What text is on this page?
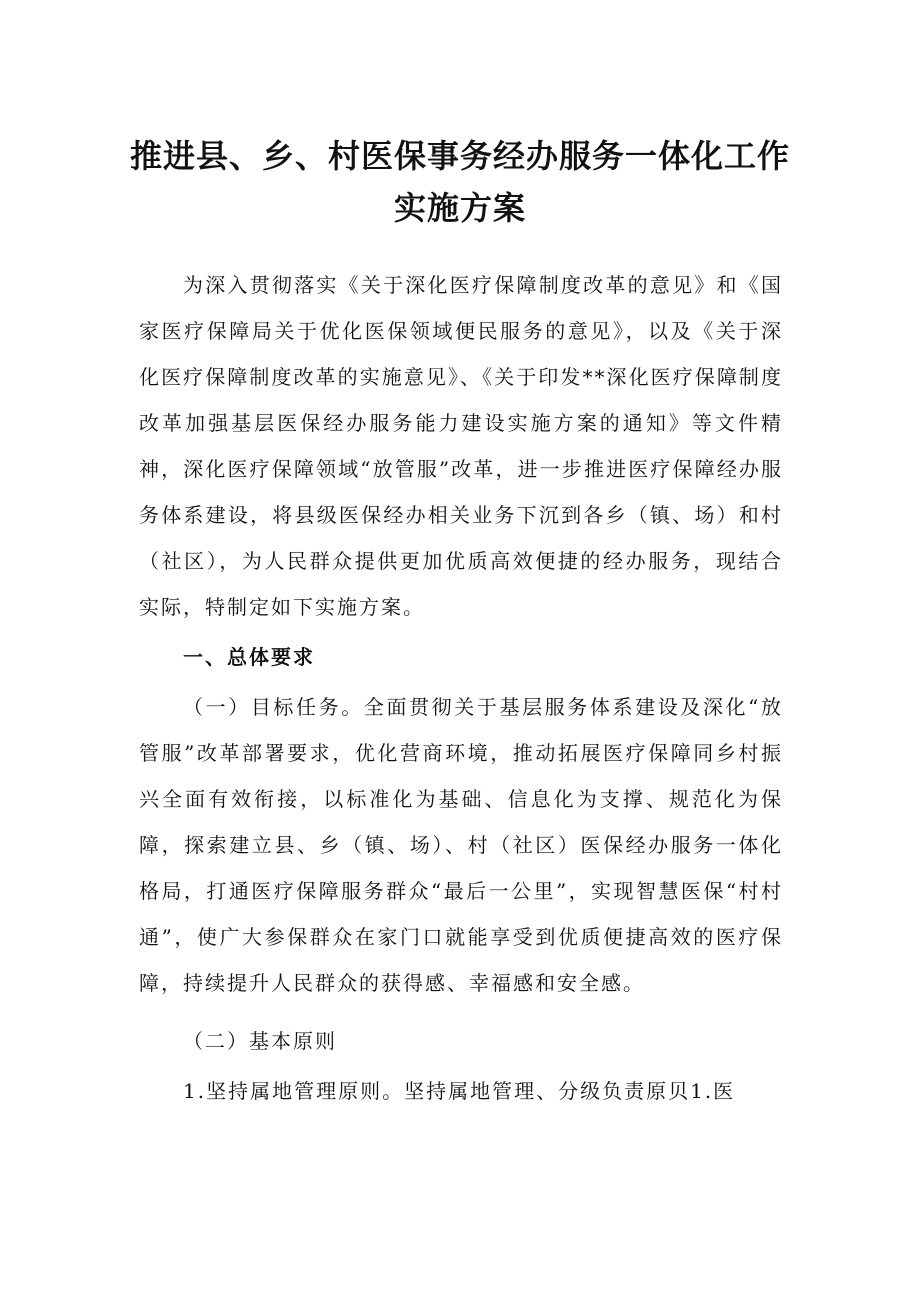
推进县、乡、村医保事务经办服务一体化工作
实施方案

为深入贯彻落实《关于深化医疗保障制度改革的意见》和《国家医疗保障局关于优化医保领域便民服务的意见》，以及《关于深化医疗保障制度改革的实施意见》、《关于印发**深化医疗保障制度改革加强基层医保经办服务能力建设实施方案的通知》等文件精神，深化医疗保障领域“放管服”改革，进一步推进医疗保障经办服务体系建设，将县级医保经办相关业务下沉到各乡（镇、场）和村（社区），为人民群众提供更加优质高效便捷的经办服务，现结合实际，特制定如下实施方案。

一、总体要求

（一）目标任务。全面贯彻关于基层服务体系建设及深化“放管服”改革部署要求，优化营商环境，推动拓展医疗保障同乡村振兴全面有效衔接，以标准化为基础、信息化为支撑、规范化为保障，探索建立县、乡（镇、场）、村（社区）医保经办服务一体化格局，打通医疗保障服务群众“最后一公里”，实现智慧医保“村村通”，使广大参保群众在家门口就能享受到优质便捷高效的医疗保障，持续提升人民群众的获得感、幸福感和安全感。

（二）基本原则

1.坚持属地管理原则。坚持属地管理、分级负责原贝1.医
